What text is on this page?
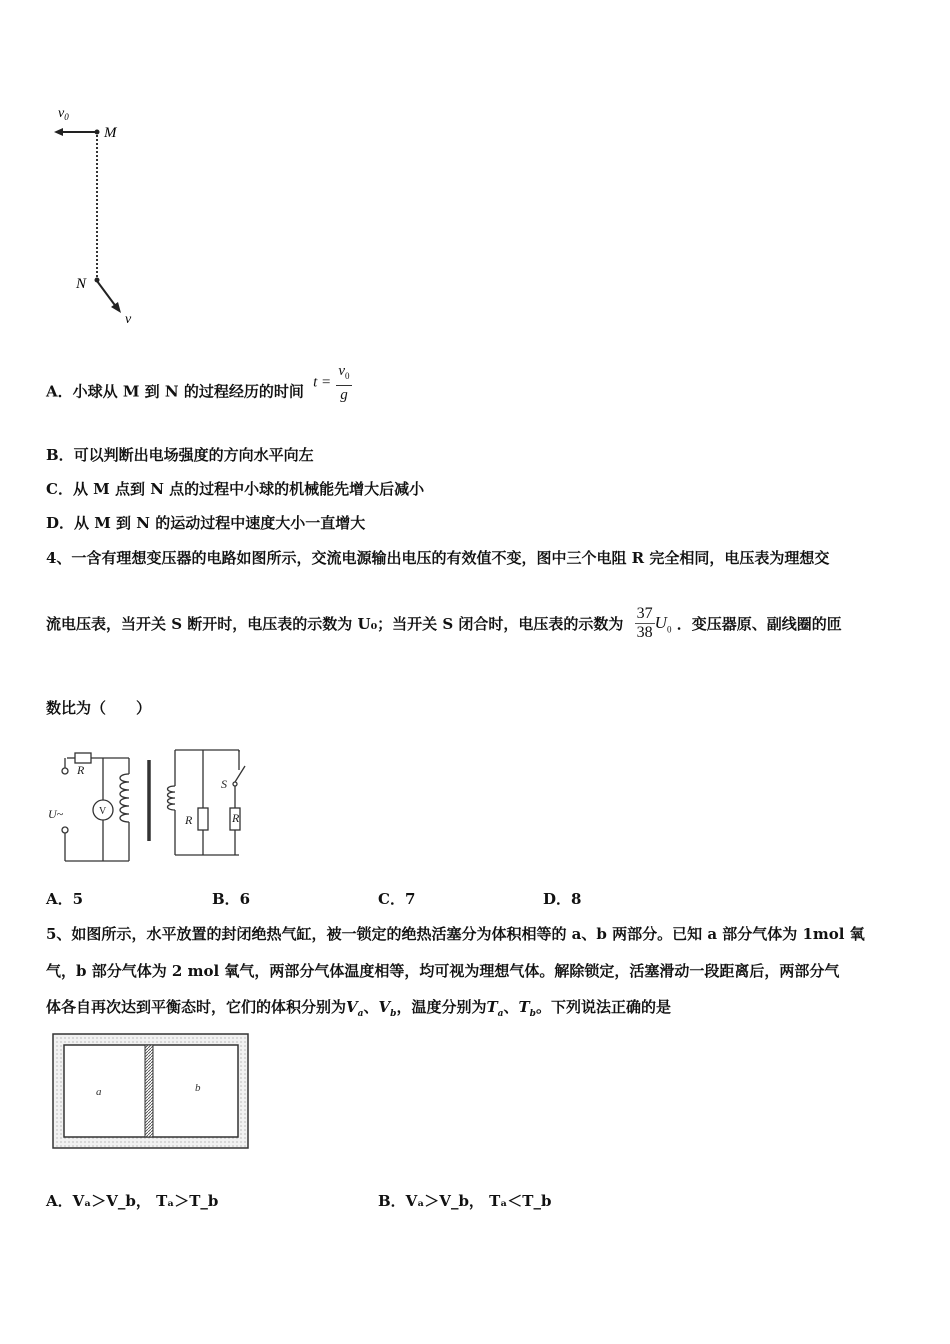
$v_0$
M
N
v
A．小球从 M 到 N 的过程经历的时间 $t = \frac{v_0}{g}$
B．可以判断出电场强度的方向水平向左
C．从 M 点到 N 点的过程中小球的机械能先增大后减小
D．从 M 到 N 的运动过程中速度大小一直增大
4、一含有理想变压器的电路如图所示，交流电源输出电压的有效值不变，图中三个电阻 R 完全相同，电压表为理想交
流电压表，当开关 S 断开时，电压表的示数为 U₀；当开关 S 闭合时，电压表的示数为 $\frac{37}{38} U_0$ ．变压器原、副线圈的匝
数比为（　　）
R
U~	V
R	R
S
A．5	B．6	C．7	D．8
5、如图所示，水平放置的封闭绝热气缸，被一锁定的绝热活塞分为体积相等的 a、b 两部分。已知 a 部分气体为 1mol 氧
气，b 部分气体为 2 mol 氧气，两部分气体温度相等，均可视为理想气体。解除锁定，活塞滑动一段距离后，两部分气
体各自再次达到平衡态时，它们的体积分别为$V_a$、$V_b$，温度分别为$T_a$、$T_b$。下列说法正确的是
a	b
A．Vₐ＞V_b， Tₐ＞T_b	B．Vₐ＞V_b， Tₐ＜T_b
